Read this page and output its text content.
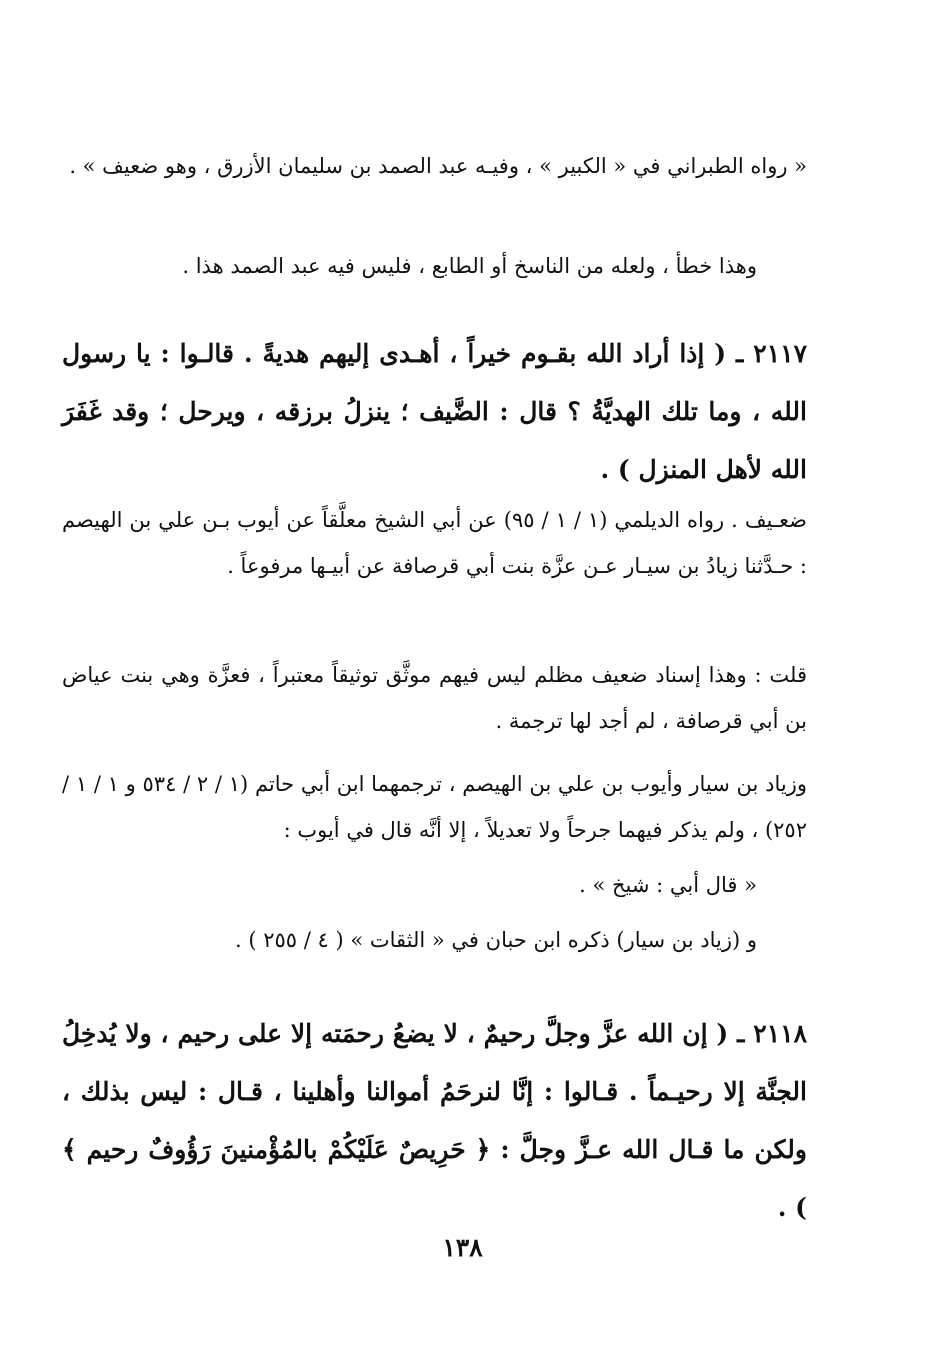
« رواه الطبراني في « الكبير » ، وفيـه عبد الصمد بن سليمان الأزرق ، وهو ضعيف » .
وهذا خطأ ، ولعله من الناسخ أو الطابع ، فليس فيه عبد الصمد هذا .
٢١١٧ ـ ( إذا أراد الله بقـوم خيراً ، أهـدى إليهم هديةً . قالـوا : يا رسول الله ، وما تلك الهديَّةُ ؟ قال : الضَّيف ؛ ينزلُ برزقه ، ويرحل ؛ وقد غَفَرَ الله لأهل المنزل ) .
ضعـيف . رواه الديلمي (١ / ١ / ٩٥) عن أبي الشيخ معلَّقاً عن أيوب بـن علي بن الهيصم : حـدَّثنا زيادُ بن سيـار عـن عزَّة بنت أبي قرصافة عن أبيـها مرفوعاً .
قلت : وهذا إسناد ضعيف مظلم ليس فيهم موثَّق توثيقاً معتبراً ، فعزَّة وهي بنت عياض بن أبي قرصافة ، لم أجد لها ترجمة .
وزياد بن سيار وأيوب بن علي بن الهيصم ، ترجمهما ابن أبي حاتم (١ / ٢ / ٥٣٤ و ١ / ١ / ٢٥٢) ، ولم يذكر فيهما جرحاً ولا تعديلاً ، إلا أنَّه قال في أيوب :
« قال أبي : شيخ » .
و (زياد بن سيار) ذكره ابن حبان في « الثقات » ( ٤ / ٢٥٥ ) .
٢١١٨ ـ ( إن الله عزَّ وجلَّ رحيمٌ ، لا يضعُ رحمَته إلا على رحيم ، ولا يُدخِلُ الجنَّة إلا رحيـماً . قـالوا : إنَّا لنرحَمُ أموالنا وأهلينا ، قـال : ليس بذلك ، ولكن ما قـال الله عـزَّ وجلَّ : ﴿ حَرِيصٌ عَلَيْكُمْ بالمُؤْمنينَ رَؤُوفٌ رحيم ﴾ ) .
١٣٨
